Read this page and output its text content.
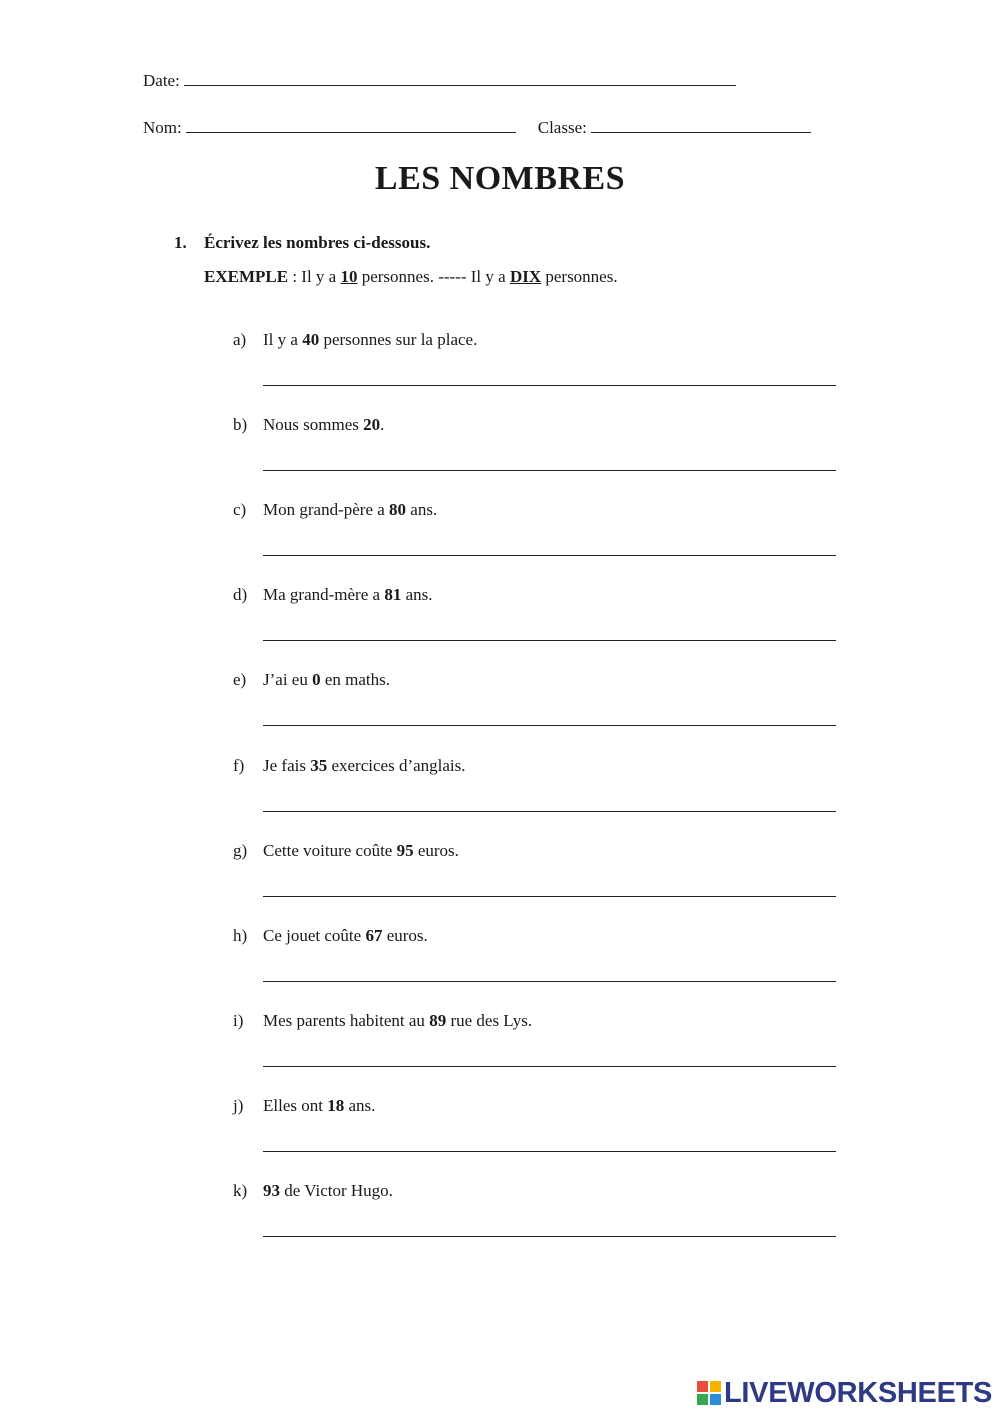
Date:
Nom:	Classe:
LES NOMBRES
1. Écrivez les nombres ci-dessous.
EXEMPLE : Il y a 10 personnes. ----- Il y a DIX personnes.
a) Il y a 40 personnes sur la place.
b) Nous sommes 20.
c) Mon grand-père a 80 ans.
d) Ma grand-mère a 81 ans.
e) J’ai eu 0 en maths.
f) Je fais 35 exercices d’anglais.
g) Cette voiture coûte 95 euros.
h) Ce jouet coûte 67 euros.
i) Mes parents habitent au 89 rue des Lys.
j) Elles ont 18 ans.
k) 93 de Victor Hugo.
LIVEWORKSHEETS
